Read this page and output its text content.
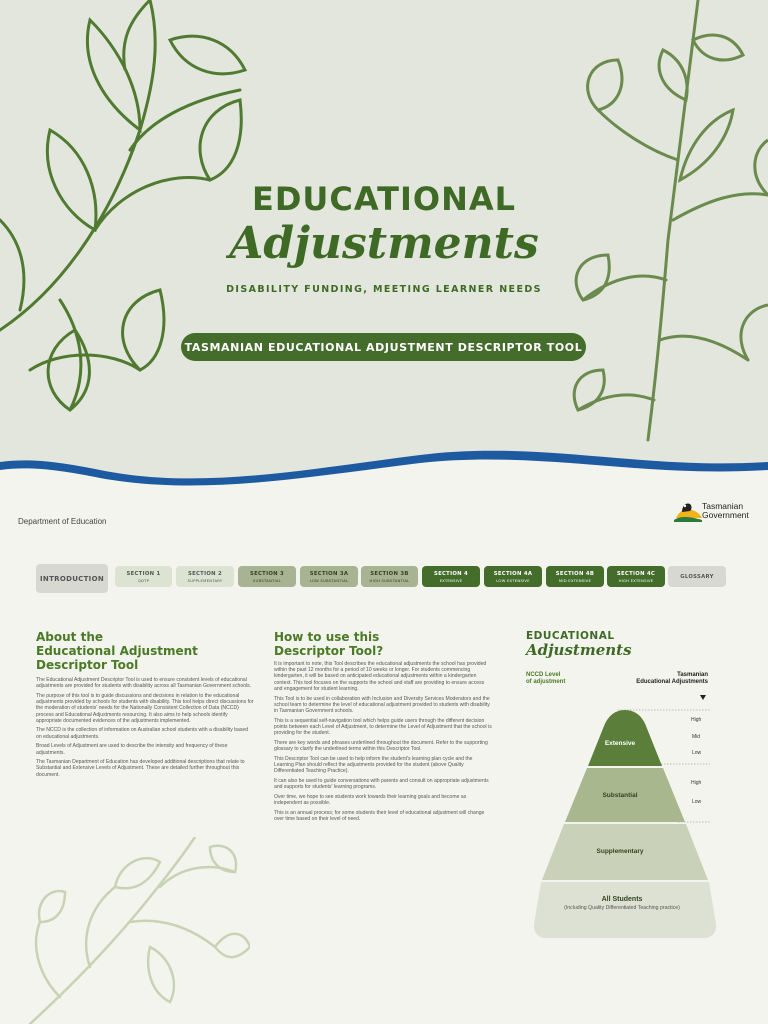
EDUCATIONAL
Adjustments
DISABILITY FUNDING, MEETING LEARNER NEEDS
TASMANIAN EDUCATIONAL ADJUSTMENT DESCRIPTOR TOOL
Department of Education
Tasmanian
Government
INTRODUCTION
SECTION 1
QDTP
SECTION 2
SUPPLEMENTARY
SECTION 3
SUBSTANTIAL
SECTION 3A
LOW SUBSTANTIAL
SECTION 3B
HIGH SUBSTANTIAL
SECTION 4
EXTENSIVE
SECTION 4A
LOW EXTENSIVE
SECTION 4B
MID EXTENSIVE
SECTION 4C
HIGH EXTENSIVE
GLOSSARY
About the
Educational Adjustment
Descriptor Tool

The Educational Adjustment Descriptor Tool is used to ensure consistent levels of educational adjustments are provided for students with disability across all Tasmanian Government schools.

The purpose of this tool is to guide discussions and decisions in relation to the educational adjustments provided by schools for students with disability. This tool helps direct discussions for the moderation of students' needs for the Nationally Consistent Collection of Data (NCCD) process and Educational Adjustments resourcing. It also aims to help schools identify appropriate documented evidences of the adjustments implemented.

The NCCD is the collection of information on Australian school students with a disability based on educational adjustments.

Broad Levels of Adjustment are used to describe the intensity and frequency of these adjustments.

The Tasmanian Department of Education has developed additional descriptions that relate to Substantial and Extensive Levels of Adjustment. These are detailed further throughout this document.

How to use this
Descriptor Tool?

It is important to note, this Tool describes the educational adjustments the school has provided within the past 12 months for a period of 10 weeks or longer. For students commencing kindergarten, it will be based on anticipated educational adjustments within a kindergarten context. This tool focuses on the supports the school and staff are providing to ensure access and engagement for student learning.

This Tool is to be used in collaboration with Inclusion and Diversity Services Moderators and the school team to determine the level of educational adjustment provided to students with disability in Tasmanian Government schools.

This is a sequential self-navigation tool which helps guide users through the different decision points between each Level of Adjustment, to determine the Level of Adjustment that the school is providing for the student.

There are key words and phrases underlined throughout the document. Refer to the supporting glossary to clarify the underlined terms within this Descriptor Tool.

This Descriptor Tool can be used to help inform the student's learning plan cycle and the Learning Plan should reflect the adjustments provided for the student (above Quality Differentiated Teaching Practice).

It can also be used to guide conversations with parents and consult on appropriate adjustments and supports for students' learning programs.

Over time, we hope to see students work towards their learning goals and become as independent as possible.

This is an annual process; for some students their level of educational adjustment will change over time based on their level of need.

EDUCATIONAL
Adjustments
NCCD Level
of adjustment
Tasmanian
Educational Adjustments
Extensive
Substantial
Supplementary
High
Mid
Low
High
Low
All Students
(Including Quality Differentiated Teaching practice)
